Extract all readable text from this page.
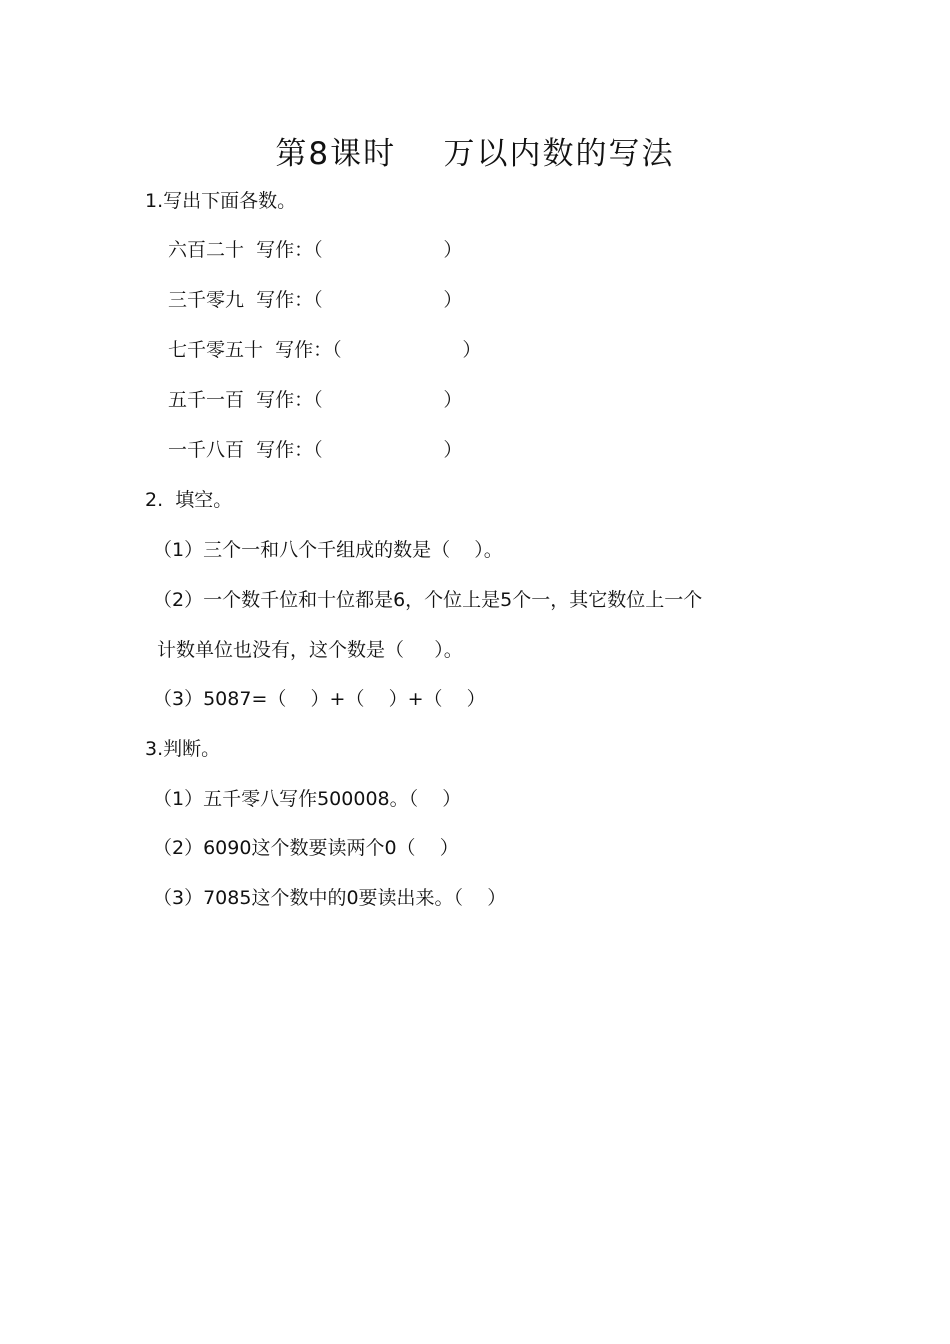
第8课时    万以内数的写法
1.写出下面各数。
六百二十  写作：（                    ）
三千零九  写作：（                    ）
七千零五十  写作：（                    ）
五千一百  写作：（                    ）
一千八百  写作：（                    ）
2.  填空。
（1）三个一和八个千组成的数是（    ）。
（2）一个数千位和十位都是6，个位上是5个一，其它数位上一个
计数单位也没有，这个数是（     ）。
（3）5087=（    ）+（    ）+（    ）
3.判断。
（1）五千零八写作500008。（    ）
（2）6090这个数要读两个0（    ）
（3）7085这个数中的0要读出来。（    ）
